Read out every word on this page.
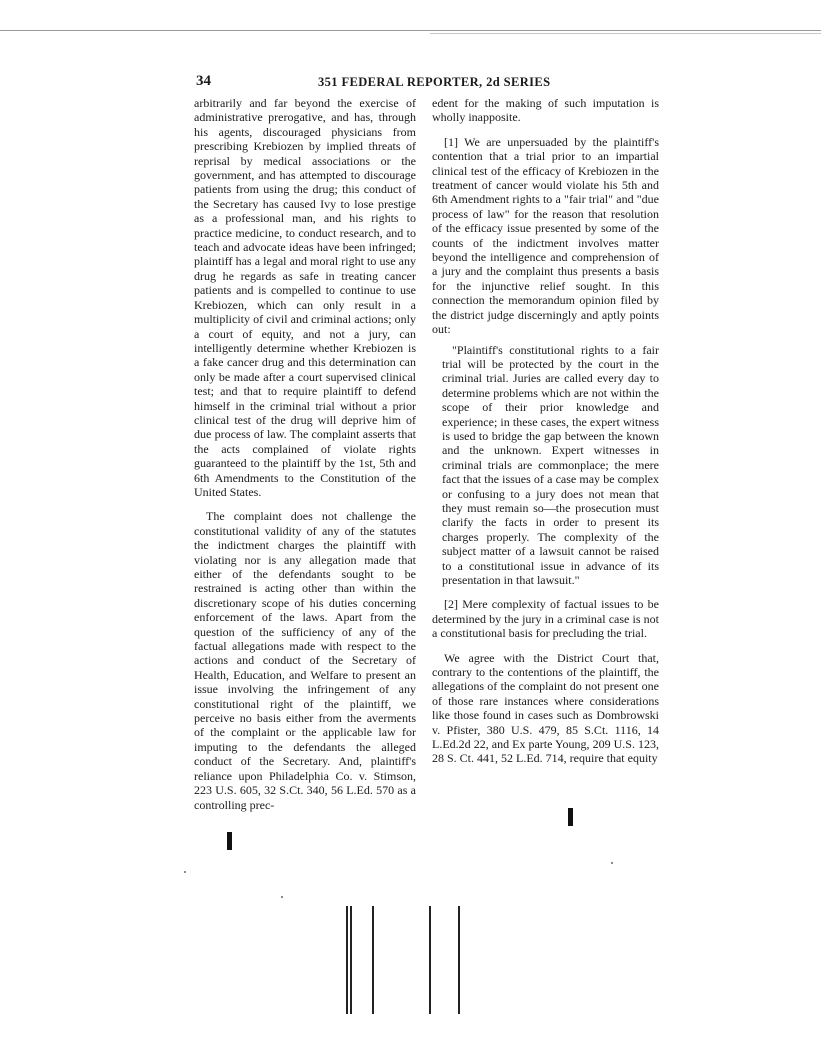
34	351 FEDERAL REPORTER, 2d SERIES

arbitrarily and far beyond the exercise of administrative prerogative, and has, through his agents, discouraged physicians from prescribing Krebiozen by implied threats of reprisal by medical associations or the government, and has attempted to discourage patients from using the drug; this conduct of the Secretary has caused Ivy to lose prestige as a professional man, and his rights to practice medicine, to conduct research, and to teach and advocate ideas have been infringed; plaintiff has a legal and moral right to use any drug he regards as safe in treating cancer patients and is compelled to continue to use Krebiozen, which can only result in a multiplicity of civil and criminal actions; only a court of equity, and not a jury, can intelligently determine whether Krebiozen is a fake cancer drug and this determination can only be made after a court supervised clinical test; and that to require plaintiff to defend himself in the criminal trial without a prior clinical test of the drug will deprive him of due process of law. The complaint asserts that the acts complained of violate rights guaranteed to the plaintiff by the 1st, 5th and 6th Amendments to the Constitution of the United States.

The complaint does not challenge the constitutional validity of any of the statutes the indictment charges the plaintiff with violating nor is any allegation made that either of the defendants sought to be restrained is acting other than within the discretionary scope of his duties concerning enforcement of the laws. Apart from the question of the sufficiency of any of the factual allegations made with respect to the actions and conduct of the Secretary of Health, Education, and Welfare to present an issue involving the infringement of any constitutional right of the plaintiff, we perceive no basis either from the averments of the complaint or the applicable law for imputing to the defendants the alleged conduct of the Secretary. And, plaintiff's reliance upon Philadelphia Co. v. Stimson, 223 U.S. 605, 32 S.Ct. 340, 56 L.Ed. 570 as a controlling prec-

edent for the making of such imputation is wholly inapposite.

[1] We are unpersuaded by the plaintiff's contention that a trial prior to an impartial clinical test of the efficacy of Krebiozen in the treatment of cancer would violate his 5th and 6th Amendment rights to a "fair trial" and "due process of law" for the reason that resolution of the efficacy issue presented by some of the counts of the indictment involves matter beyond the intelligence and comprehension of a jury and the complaint thus presents a basis for the injunctive relief sought. In this connection the memorandum opinion filed by the district judge discerningly and aptly points out:

"Plaintiff's constitutional rights to a fair trial will be protected by the court in the criminal trial. Juries are called every day to determine problems which are not within the scope of their prior knowledge and experience; in these cases, the expert witness is used to bridge the gap between the known and the unknown. Expert witnesses in criminal trials are commonplace; the mere fact that the issues of a case may be complex or confusing to a jury does not mean that they must remain so—the prosecution must clarify the facts in order to present its charges properly. The complexity of the subject matter of a lawsuit cannot be raised to a constitutional issue in advance of its presentation in that lawsuit."

[2] Mere complexity of factual issues to be determined by the jury in a criminal case is not a constitutional basis for precluding the trial.

We agree with the District Court that, contrary to the contentions of the plaintiff, the allegations of the complaint do not present one of those rare instances where considerations like those found in cases such as Dombrowski v. Pfister, 380 U.S. 479, 85 S.Ct. 1116, 14 L.Ed.2d 22, and Ex parte Young, 209 U.S. 123, 28 S. Ct. 441, 52 L.Ed. 714, require that equity
